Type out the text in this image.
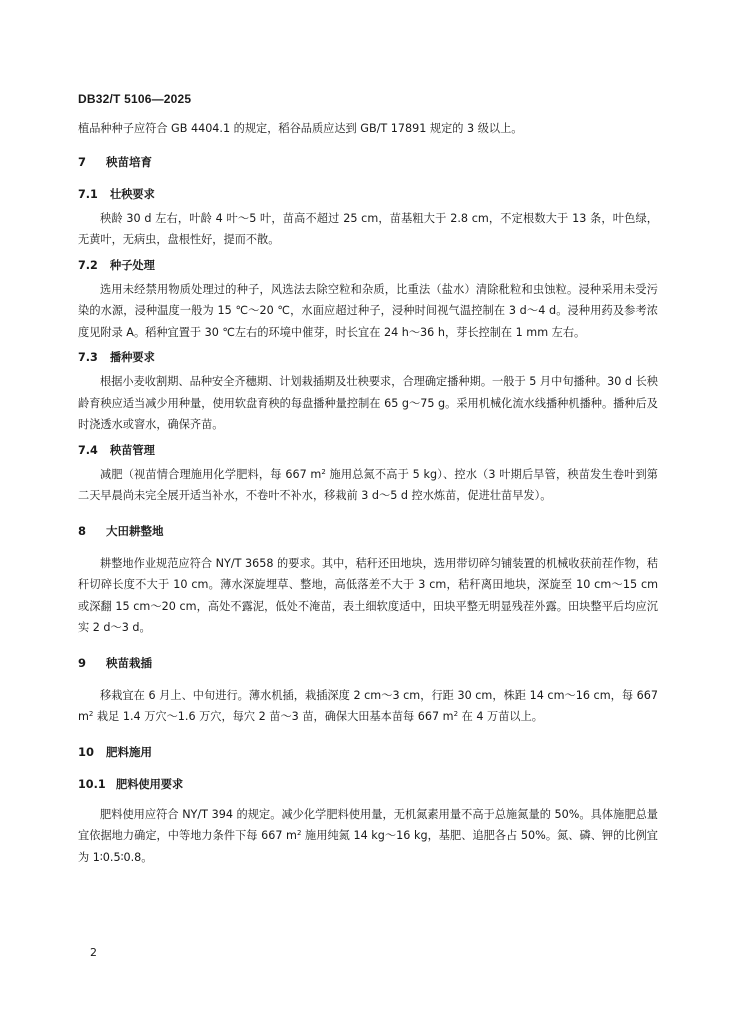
DB32/T 5106—2025

植品种种子应符合 GB 4404.1 的规定，稻谷品质应达到 GB/T 17891 规定的 3 级以上。

7	秧苗培育
7.1	壮秧要求

秧龄 30 d 左右，叶龄 4 叶～5 叶，苗高不超过 25 cm，苗基粗大于 2.8 cm，不定根数大于 13 条，叶色绿，无黄叶，无病虫，盘根性好，提而不散。

7.2	种子处理

选用未经禁用物质处理过的种子，风选法去除空粒和杂质，比重法（盐水）清除秕粒和虫蚀粒。浸种采用未受污染的水源，浸种温度一般为 15 ℃～20 ℃，水面应超过种子，浸种时间视气温控制在 3 d～4 d。浸种用药及参考浓度见附录 A。稻种宜置于 30 ℃左右的环境中催芽，时长宜在 24 h～36 h，芽长控制在 1 mm 左右。

7.3	播种要求

根据小麦收割期、品种安全齐穗期、计划栽插期及壮秧要求，合理确定播种期。一般于 5 月中旬播种。30 d 长秧龄育秧应适当减少用种量，使用软盘育秧的每盘播种量控制在 65 g～75 g。采用机械化流水线播种机播种。播种后及时浇透水或窨水，确保齐苗。

7.4	秧苗管理

减肥（视苗情合理施用化学肥料，每 667 $m^2$ 施用总氮不高于 5 kg）、控水（3 叶期后旱管，秧苗发生卷叶到第二天早晨尚未完全展开适当补水，不卷叶不补水，移栽前 3 d～5 d 控水炼苗，促进壮苗早发）。

8	大田耕整地

耕整地作业规范应符合 NY/T 3658 的要求。其中，秸秆还田地块，选用带切碎匀铺装置的机械收获前茬作物，秸秆切碎长度不大于 10 cm。薄水深旋埋草、整地，高低落差不大于 3 cm，秸秆离田地块，深旋至 10 cm～15 cm 或深翻 15 cm～20 cm，高处不露泥，低处不淹苗，表土细软度适中，田块平整无明显残茬外露。田块整平后均应沉实 2 d～3 d。

9	秧苗栽插

移栽宜在 6 月上、中旬进行。薄水机插，栽插深度 2 cm～3 cm，行距 30 cm，株距 14 cm～16 cm，每 667 $m^2$ 栽足 1.4 万穴～1.6 万穴，每穴 2 苗～3 苗，确保大田基本苗每 667 $m^2$ 在 4 万苗以上。

10	肥料施用
10.1 肥料使用要求

肥料使用应符合 NY/T 394 的规定。减少化学肥料使用量，无机氮素用量不高于总施氮量的 50%。具体施肥总量宜依据地力确定，中等地力条件下每 667 $m^2$ 施用纯氮 14 kg～16 kg，基肥、追肥各占 50%。氮、磷、钾的比例宜为 1∶0.5∶0.8。

2
